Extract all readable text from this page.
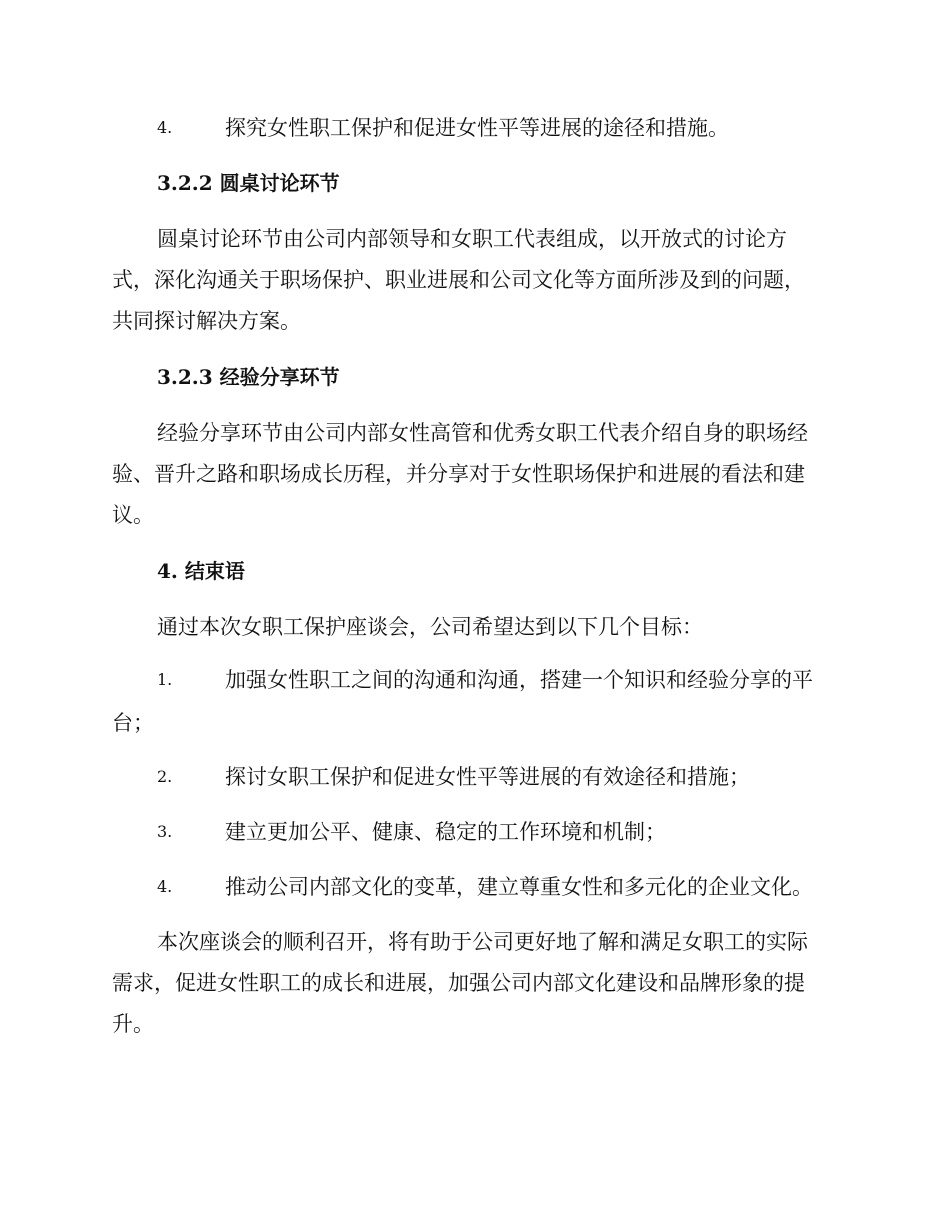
4.	探究女性职工保护和促进女性平等进展的途径和措施。
3.2.2 圆桌讨论环节
圆桌讨论环节由公司内部领导和女职工代表组成，以开放式的讨论方
式，深化沟通关于职场保护、职业进展和公司文化等方面所涉及到的问题，
共同探讨解决方案。
3.2.3 经验分享环节
经验分享环节由公司内部女性高管和优秀女职工代表介绍自身的职场经
验、晋升之路和职场成长历程，并分享对于女性职场保护和进展的看法和建
议。
4. 结束语
通过本次女职工保护座谈会，公司希望达到以下几个目标：
1.	加强女性职工之间的沟通和沟通，搭建一个知识和经验分享的平
台；
2.	探讨女职工保护和促进女性平等进展的有效途径和措施；
3.	建立更加公平、健康、稳定的工作环境和机制；
4.	推动公司内部文化的变革，建立尊重女性和多元化的企业文化。
本次座谈会的顺利召开，将有助于公司更好地了解和满足女职工的实际
需求，促进女性职工的成长和进展，加强公司内部文化建设和品牌形象的提
升。
